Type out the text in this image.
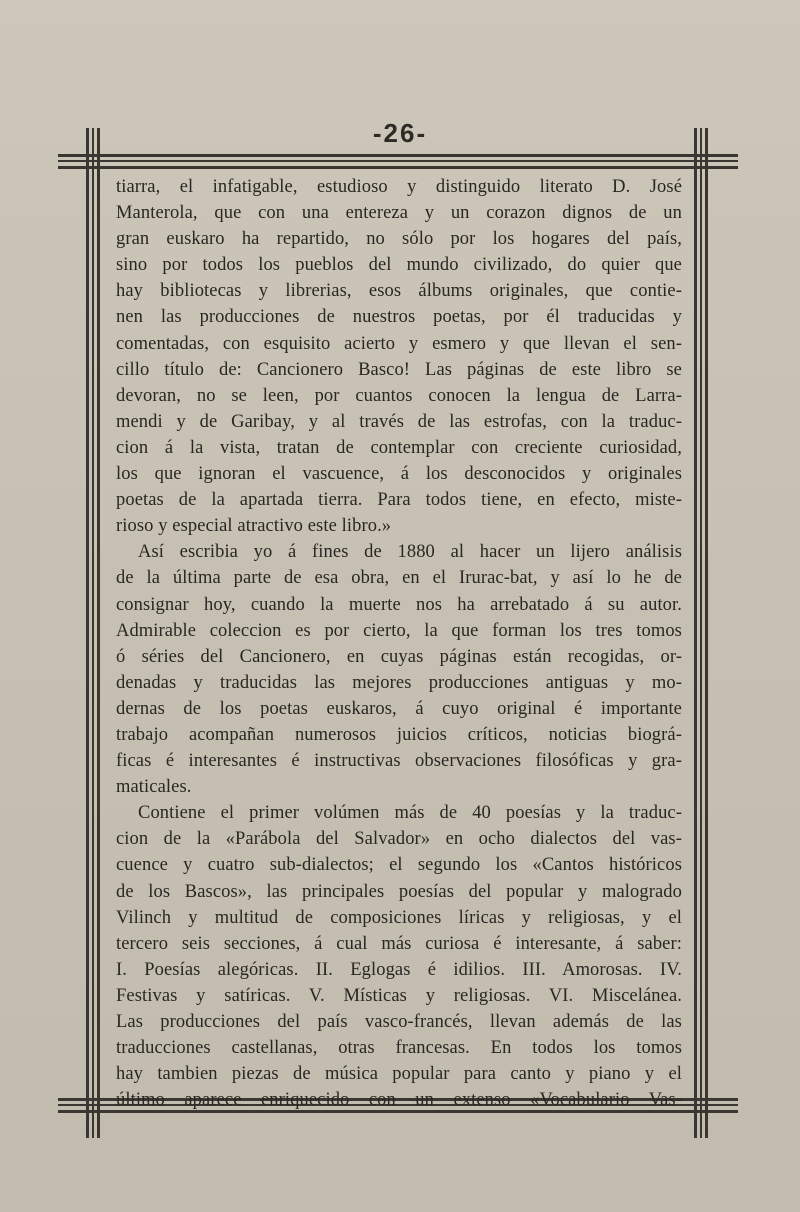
-26-
tiarra, el infatigable, estudioso y distinguido literato D. José
Manterola, que con una entereza y un corazon dignos de un
gran euskaro ha repartido, no sólo por los hogares del país,
sino por todos los pueblos del mundo civilizado, do quier que
hay bibliotecas y librerias, esos álbums originales, que contie-
nen las producciones de nuestros poetas, por él traducidas y
comentadas, con esquisito acierto y esmero y que llevan el sen-
cillo título de: Cancionero Basco! Las páginas de este libro se
devoran, no se leen, por cuantos conocen la lengua de Larra-
mendi y de Garibay, y al través de las estrofas, con la traduc-
cion á la vista, tratan de contemplar con creciente curiosidad,
los que ignoran el vascuence, á los desconocidos y originales
poetas de la apartada tierra. Para todos tiene, en efecto, miste-
rioso y especial atractivo este libro.»
Así escribia yo á fines de 1880 al hacer un lijero análisis
de la última parte de esa obra, en el Irurac-bat, y así lo he de
consignar hoy, cuando la muerte nos ha arrebatado á su autor.
Admirable coleccion es por cierto, la que forman los tres tomos
ó séries del Cancionero, en cuyas páginas están recogidas, or-
denadas y traducidas las mejores producciones antiguas y mo-
dernas de los poetas euskaros, á cuyo original é importante
trabajo acompañan numerosos juicios críticos, noticias biográ-
ficas é interesantes é instructivas observaciones filosóficas y gra-
maticales.
Contiene el primer volúmen más de 40 poesías y la traduc-
cion de la «Parábola del Salvador» en ocho dialectos del vas-
cuence y cuatro sub-dialectos; el segundo los «Cantos históricos
de los Bascos», las principales poesías del popular y malogrado
Vilinch y multitud de composiciones líricas y religiosas, y el
tercero seis secciones, á cual más curiosa é interesante, á saber:
I. Poesías alegóricas. II. Eglogas é idilios. III. Amorosas. IV.
Festivas y satíricas. V. Místicas y religiosas. VI. Miscelánea.
Las producciones del país vasco-francés, llevan además de las
traducciones castellanas, otras francesas. En todos los tomos
hay tambien piezas de música popular para canto y piano y el
último aparece enriquecido con un extenso «Vocabulario Vas-
